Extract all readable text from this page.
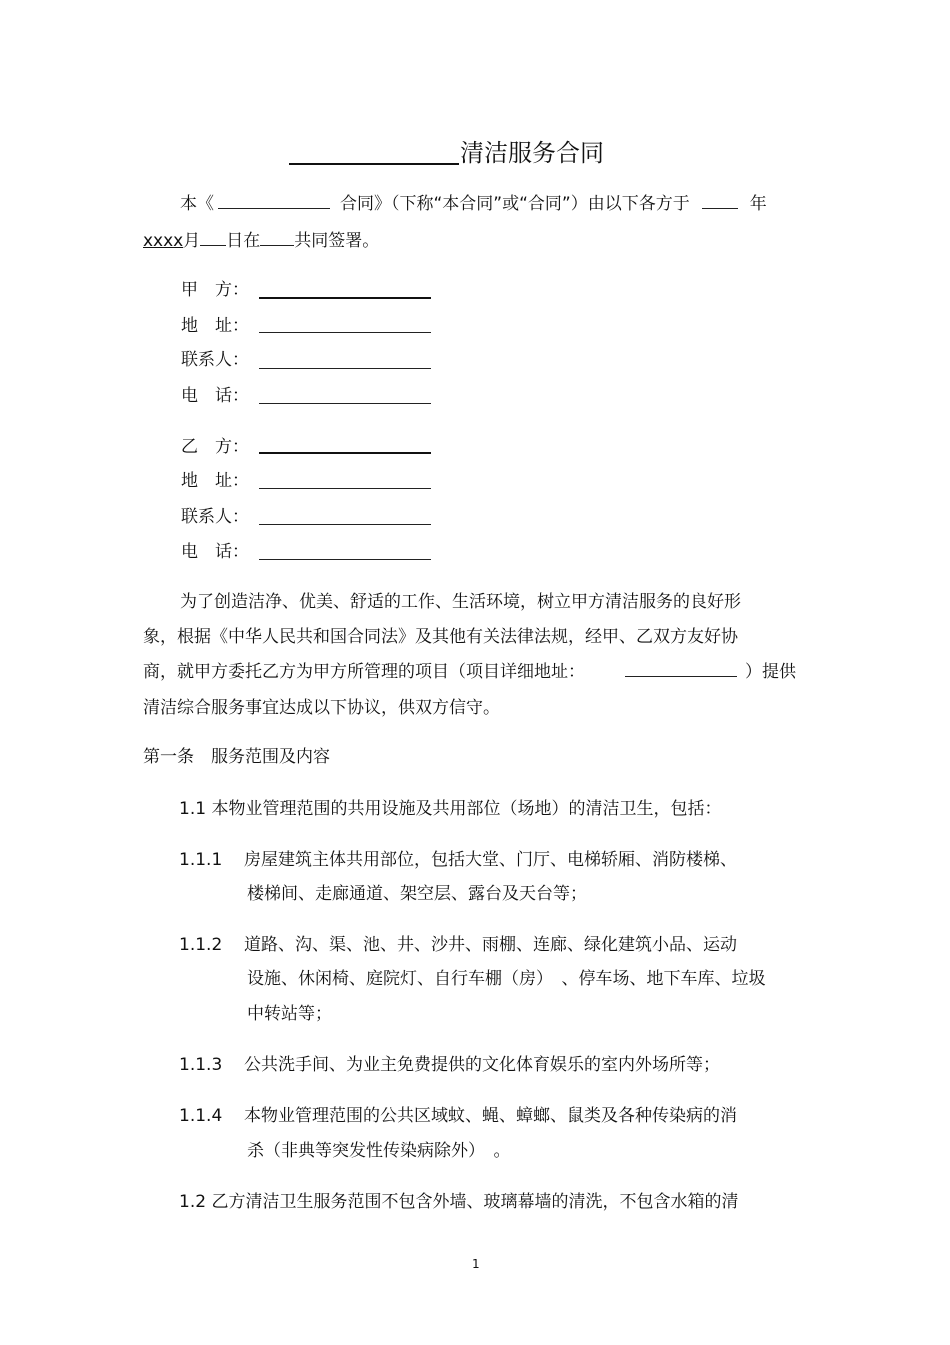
清洁服务合同
本《	合同》（下称“本合同”或“合同”）由以下各方于	年
xxxx月 日在 共同签署。
甲　方：
地　址：
联系人：
电　话：
乙　方：
地　址：
联系人：
电　话：
为了创造洁净、优美、舒适的工作、生活环境，树立甲方清洁服务的良好形
象，根据《中华人民共和国合同法》及其他有关法律法规，经甲、乙双方友好协
商，就甲方委托乙方为甲方所管理的项目（项目详细地址：	）提供
清洁综合服务事宜达成以下协议，供双方信守。
第一条　服务范围及内容
1.1 本物业管理范围的共用设施及共用部位（场地）的清洁卫生，包括：
1.1.1 房屋建筑主体共用部位，包括大堂、门厅、电梯轿厢、消防楼梯、
楼梯间、走廊通道、架空层、露台及天台等；
1.1.2 道路、沟、渠、池、井、沙井、雨棚、连廊、绿化建筑小品、运动
设施、休闲椅、庭院灯、自行车棚（房）　、停车场、地下车库、垃圾
中转站等；
1.1.3 公共洗手间、为业主免费提供的文化体育娱乐的室内外场所等；
1.1.4 本物业管理范围的公共区域蚊、蝇、蟑螂、鼠类及各种传染病的消
杀（非典等突发性传染病除外）　。
1.2 乙方清洁卫生服务范围不包含外墙、玻璃幕墙的清洗，不包含水箱的清
1
